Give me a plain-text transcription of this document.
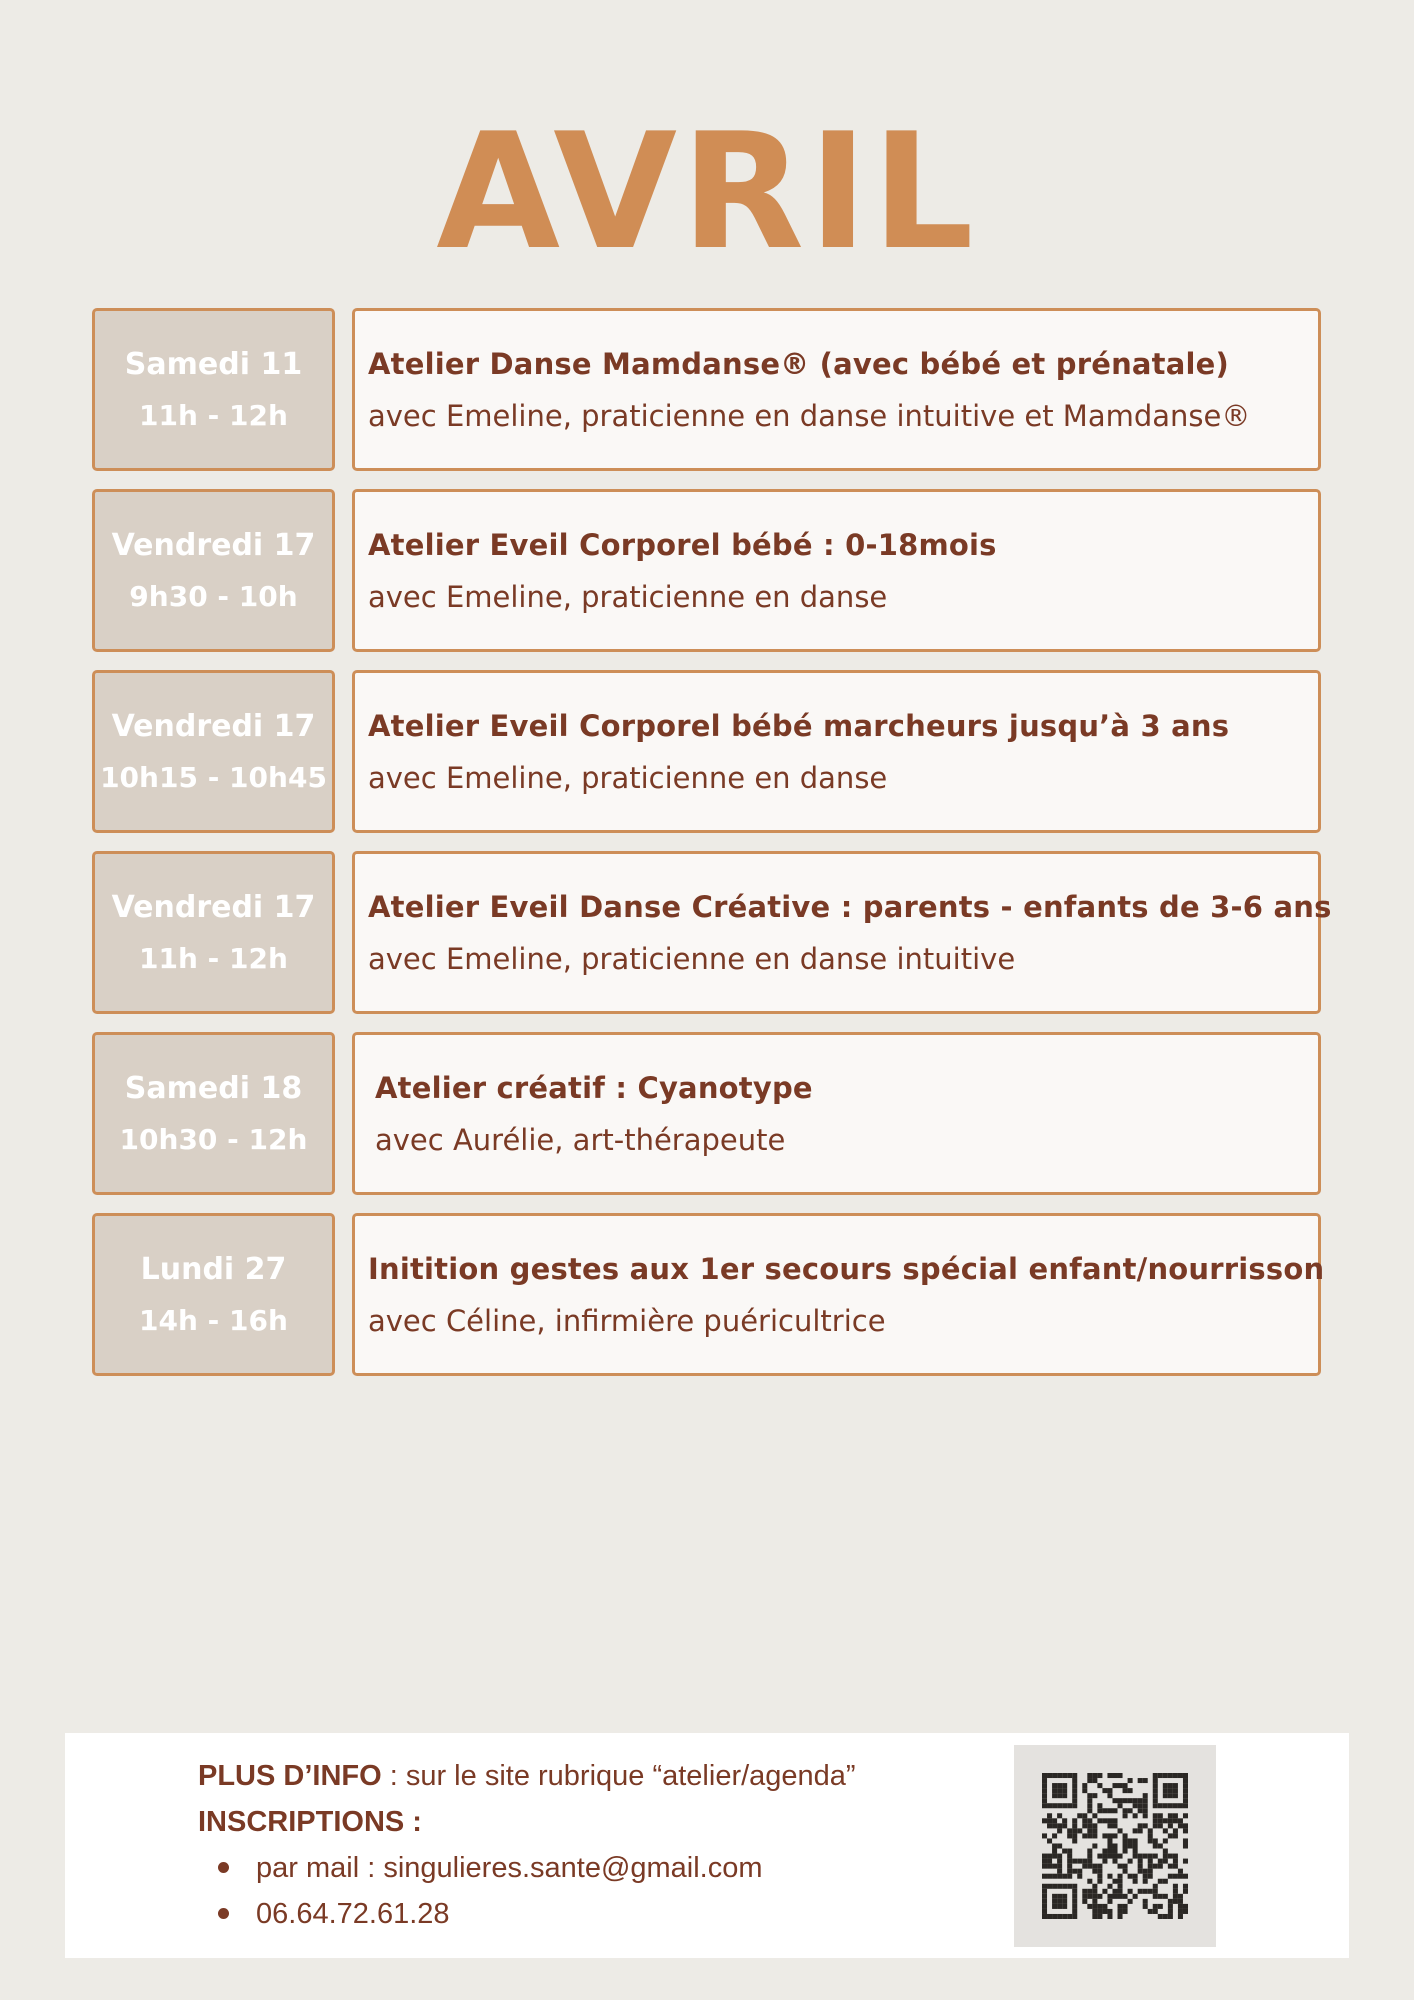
AVRIL
Samedi 11
11h - 12h
Atelier Danse Mamdanse® (avec bébé et prénatale)
avec Emeline, praticienne en danse intuitive et Mamdanse®
Vendredi 17
9h30 - 10h
Atelier Eveil Corporel bébé : 0-18mois
avec Emeline, praticienne en danse
Vendredi 17
10h15 - 10h45
Atelier Eveil Corporel bébé marcheurs jusqu’à 3 ans
avec Emeline, praticienne en danse
Vendredi 17
11h - 12h
Atelier Eveil Danse Créative : parents - enfants de 3-6 ans
avec Emeline, praticienne en danse intuitive
Samedi 18
10h30 - 12h
Atelier créatif : Cyanotype
avec Aurélie, art-thérapeute
Lundi 27
14h - 16h
Initition gestes aux 1er secours spécial enfant/nourrisson
avec Céline, infirmière puéricultrice
PLUS D’INFO : sur le site rubrique “atelier/agenda”
INSCRIPTIONS :
par mail : singulieres.sante@gmail.com
06.64.72.61.28
